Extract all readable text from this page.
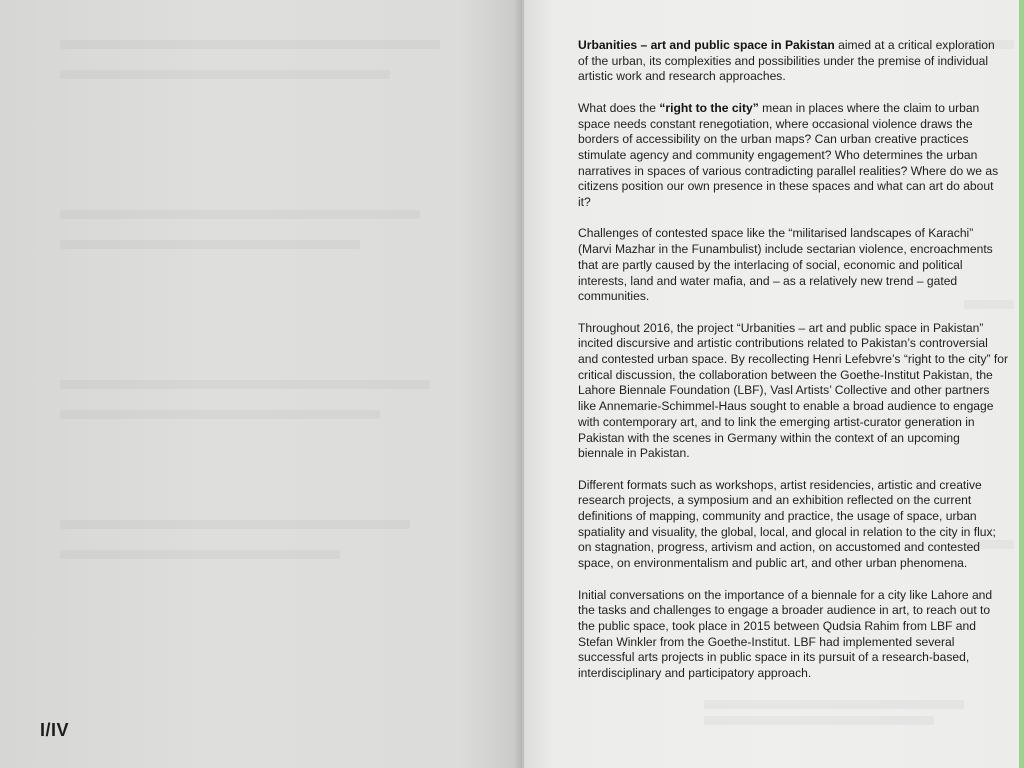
I/IV

Urbanities – art and public space in Pakistan aimed at a critical exploration of the urban, its complexities and possibilities under the premise of individual artistic work and research approaches.

What does the “right to the city” mean in places where the claim to urban space needs constant renegotiation, where occasional violence draws the borders of accessibility on the urban maps? Can urban creative practices stimulate agency and community engagement? Who determines the urban narratives in spaces of various contradicting parallel realities? Where do we as citizens position our own presence in these spaces and what can art do about it?

Challenges of contested space like the “militarised landscapes of Karachi” (Marvi Mazhar in the Funambulist) include sectarian violence, encroachments that are partly caused by the interlacing of social, economic and political interests, land and water mafia, and – as a relatively new trend – gated communities.

Throughout 2016, the project “Urbanities – art and public space in Pakistan” incited discursive and artistic contributions related to Pakistan’s controversial and contested urban space. By recollecting Henri Lefebvre’s “right to the city” for critical discussion, the collaboration between the Goethe-Institut Pakistan, the Lahore Biennale Foundation (LBF), Vasl Artists’ Collective and other partners like Annemarie-Schimmel-Haus sought to enable a broad audience to engage with contemporary art, and to link the emerging artist-curator generation in Pakistan with the scenes in Germany within the context of an upcoming biennale in Pakistan.

Different formats such as workshops, artist residencies, artistic and creative research projects, a symposium and an exhibition reflected on the current definitions of mapping, community and practice, the usage of space, urban spatiality and visuality, the global, local, and glocal in relation to the city in flux; on stagnation, progress, artivism and action, on accustomed and contested space, on environmentalism and public art, and other urban phenomena.

Initial conversations on the importance of a biennale for a city like Lahore and the tasks and challenges to engage a broader audience in art, to reach out to the public space, took place in 2015 between Qudsia Rahim from LBF and Stefan Winkler from the Goethe-Institut. LBF had implemented several successful arts projects in public space in its pursuit of a research-based, interdisciplinary and participatory approach.
